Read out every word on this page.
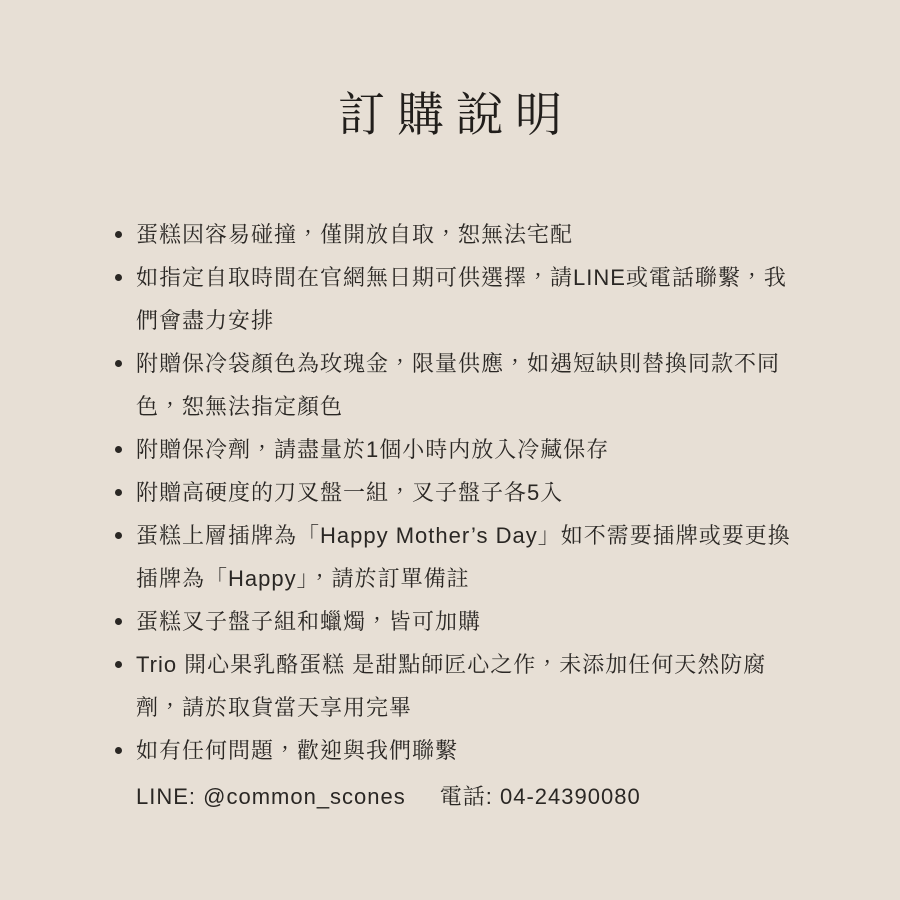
訂購說明
蛋糕因容易碰撞，僅開放自取，恕無法宅配
如指定自取時間在官網無日期可供選擇，請LINE或電話聯繫，我們會盡力安排
附贈保冷袋顏色為玫瑰金，限量供應，如遇短缺則替換同款不同色，恕無法指定顏色
附贈保冷劑，請盡量於1個小時内放入冷藏保存
附贈高硬度的刀叉盤一組，叉子盤子各5入
蛋糕上層插牌為「Happy Mother’s Day」如不需要插牌或要更換插牌為「Happy」，請於訂單備註
蛋糕叉子盤子組和蠟燭，皆可加購
Trio 開心果乳酪蛋糕 是甜點師匠心之作，未添加任何天然防腐劑，請於取貨當天享用完畢
如有任何問題，歡迎與我們聯繫
LINE: @common_scones 電話: 04-24390080
